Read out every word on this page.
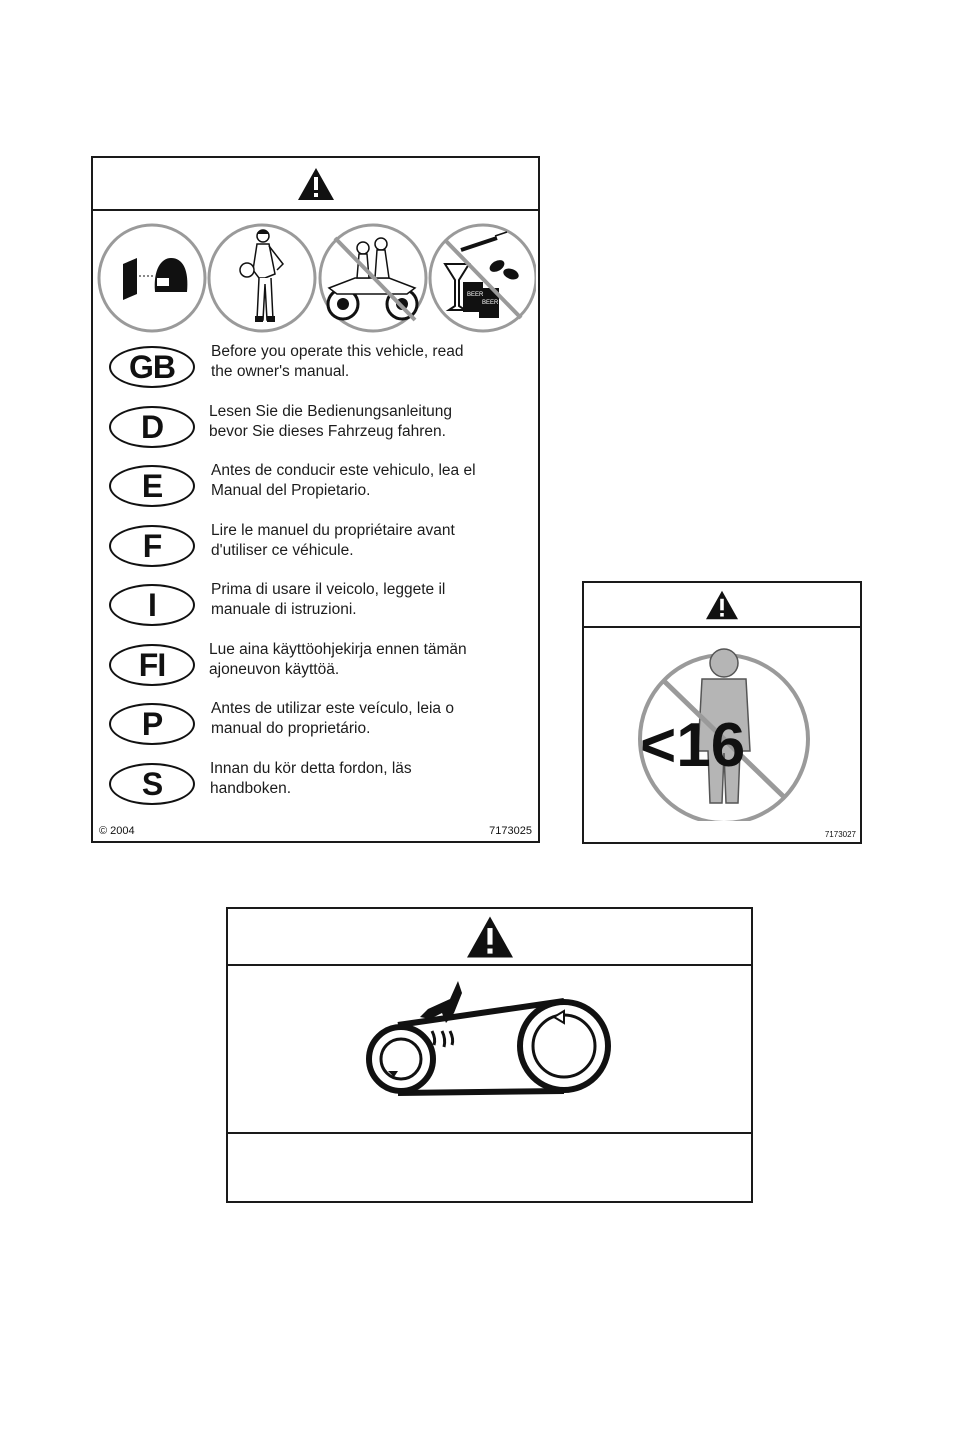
BEER
BEER
GB	Before you operate this vehicle, read
the owner's manual.
D	Lesen Sie die Bedienungsanleitung
bevor Sie dieses Fahrzeug fahren.
E	Antes de conducir este vehiculo, lea el
Manual del Propietario.
F	Lire le manuel du propriétaire avant
d'utiliser ce véhicule.
I	Prima di usare il veicolo, leggete il
manuale di istruzioni.
FI	Lue aina käyttöohjekirja ennen tämän
ajoneuvon käyttöä.
P	Antes de utilizar este veículo, leia o
manual do proprietário.
S	Innan du kör detta fordon, läs
handboken.
© 2004	7173025
<16
7173027
